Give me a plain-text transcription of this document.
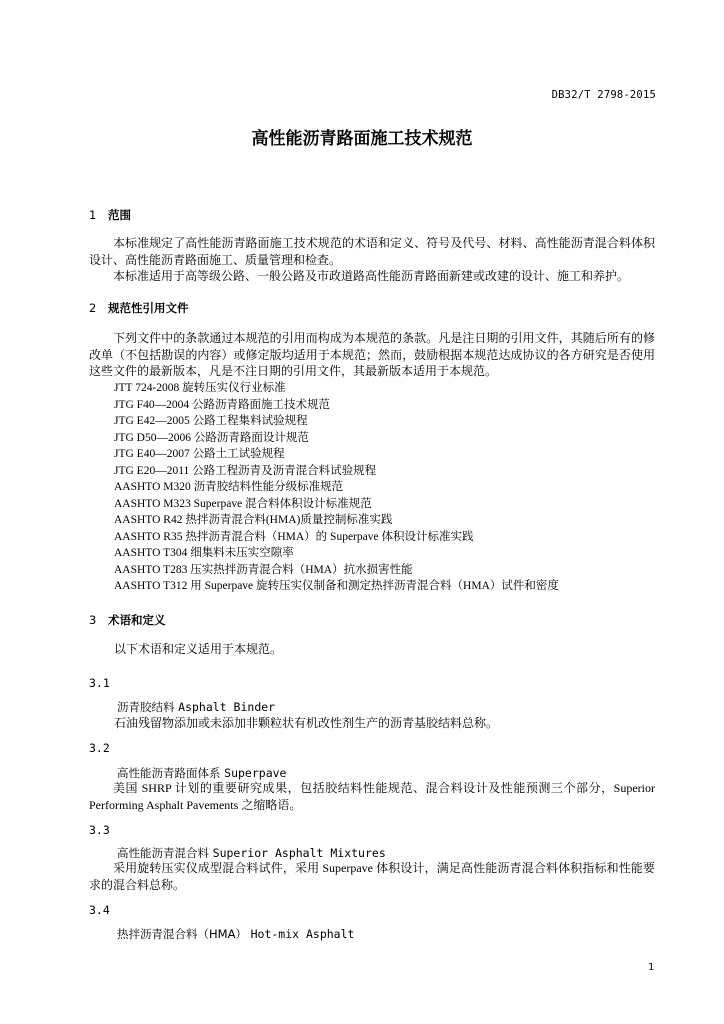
DB32/T 2798-2015
高性能沥青路面施工技术规范
1 范围
本标准规定了高性能沥青路面施工技术规范的术语和定义、符号及代号、材料、高性能沥青混合料体积设计、高性能沥青路面施工、质量管理和检查。
本标准适用于高等级公路、一般公路及市政道路高性能沥青路面新建或改建的设计、施工和养护。
2 规范性引用文件
下列文件中的条款通过本规范的引用而构成为本规范的条款。凡是注日期的引用文件，其随后所有的修改单（不包括勘误的内容）或修定版均适用于本规范；然而，鼓励根据本规范达成协议的各方研究是否使用这些文件的最新版本，凡是不注日期的引用文件，其最新版本适用于本规范。
JTT 724-2008 旋转压实仪行业标准
JTG F40—2004 公路沥青路面施工技术规范
JTG E42—2005 公路工程集料试验规程
JTG D50—2006 公路沥青路面设计规范
JTG E40—2007 公路土工试验规程
JTG E20—2011 公路工程沥青及沥青混合料试验规程
AASHTO M320 沥青胶结料性能分级标准规范
AASHTO M323 Superpave 混合料体积设计标准规范
AASHTO R42 热拌沥青混合料(HMA)质量控制标准实践
AASHTO R35 热拌沥青混合料（HMA）的 Superpave 体积设计标准实践
AASHTO T304 细集料未压实空隙率
AASHTO T283 压实热拌沥青混合料（HMA）抗水损害性能
AASHTO T312 用 Superpave 旋转压实仪制备和测定热拌沥青混合料（HMA）试件和密度
3 术语和定义
以下术语和定义适用于本规范。
3.1
沥青胶结料 Asphalt Binder
石油残留物添加或未添加非颗粒状有机改性剂生产的沥青基胶结料总称。
3.2
高性能沥青路面体系 Superpave
美国 SHRP 计划的重要研究成果，包括胶结料性能规范、混合料设计及性能预测三个部分，Superior Performing Asphalt Pavements 之缩略语。
3.3
高性能沥青混合料 Superior Asphalt Mixtures
采用旋转压实仪成型混合料试件，采用 Superpave 体积设计，满足高性能沥青混合料体积指标和性能要求的混合料总称。
3.4
热拌沥青混合料（HMA） Hot-mix Asphalt
1
